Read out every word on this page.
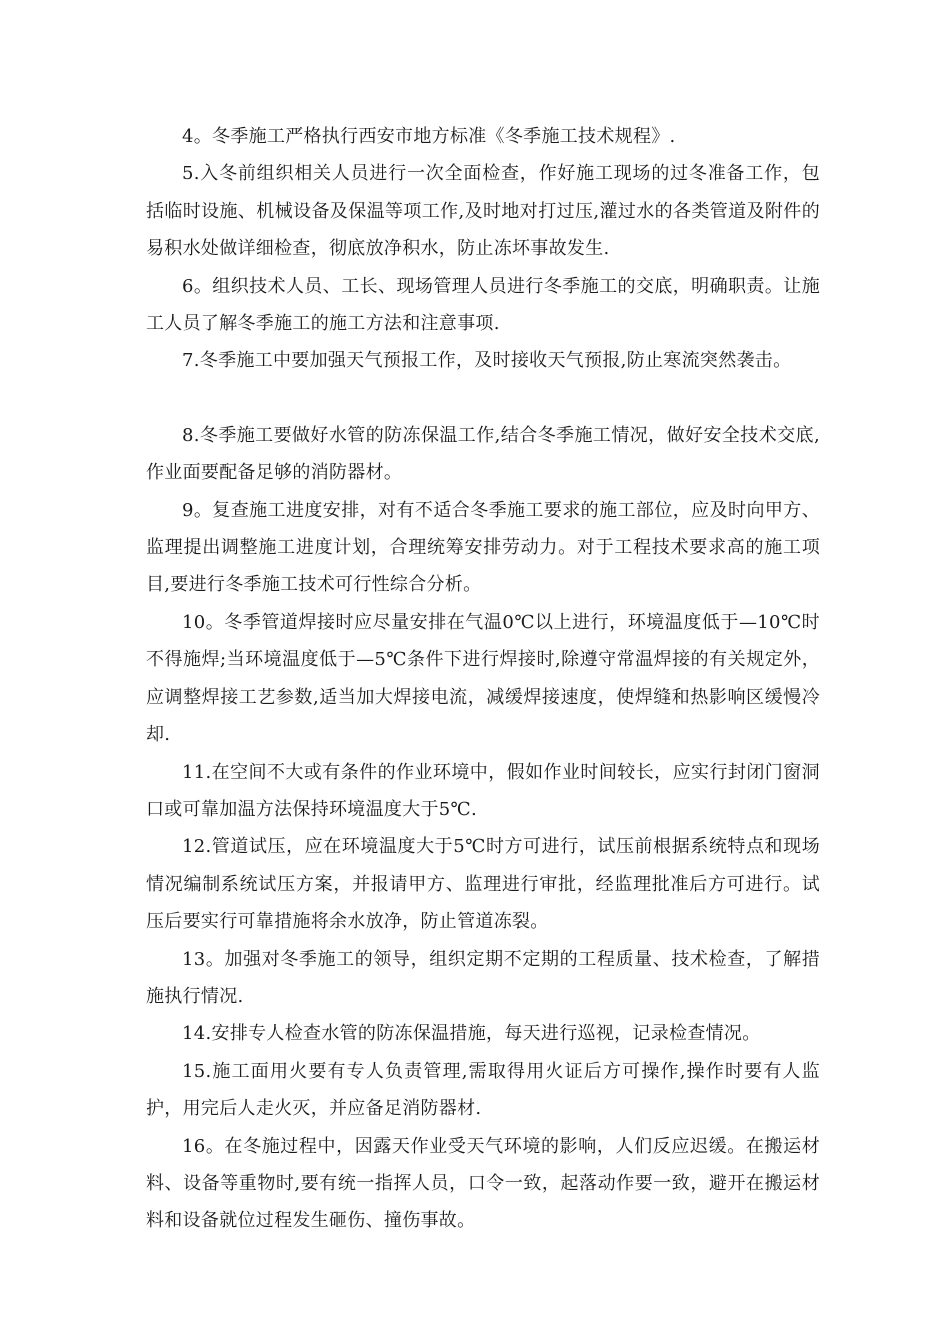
4。冬季施工严格执行西安市地方标准《冬季施工技术规程》.

5.入冬前组织相关人员进行一次全面检查，作好施工现场的过冬准备工作，包括临时设施、机械设备及保温等项工作,及时地对打过压,灌过水的各类管道及附件的易积水处做详细检查，彻底放净积水，防止冻坏事故发生.

6。组织技术人员、工长、现场管理人员进行冬季施工的交底，明确职责。让施工人员了解冬季施工的施工方法和注意事项.

7.冬季施工中要加强天气预报工作，及时接收天气预报,防止寒流突然袭击。

8.冬季施工要做好水管的防冻保温工作,结合冬季施工情况，做好安全技术交底,作业面要配备足够的消防器材。

9。复查施工进度安排，对有不适合冬季施工要求的施工部位，应及时向甲方、监理提出调整施工进度计划，合理统筹安排劳动力。对于工程技术要求高的施工项目,要进行冬季施工技术可行性综合分析。

10。冬季管道焊接时应尽量安排在气温0℃以上进行，环境温度低于—10℃时不得施焊;当环境温度低于—5℃条件下进行焊接时,除遵守常温焊接的有关规定外，应调整焊接工艺参数,适当加大焊接电流，减缓焊接速度，使焊缝和热影响区缓慢冷却.

11.在空间不大或有条件的作业环境中，假如作业时间较长，应实行封闭门窗洞口或可靠加温方法保持环境温度大于5℃.

12.管道试压，应在环境温度大于5℃时方可进行，试压前根据系统特点和现场情况编制系统试压方案，并报请甲方、监理进行审批，经监理批准后方可进行。试压后要实行可靠措施将余水放净，防止管道冻裂。

13。加强对冬季施工的领导，组织定期不定期的工程质量、技术检查，了解措施执行情况.

14.安排专人检查水管的防冻保温措施，每天进行巡视，记录检查情况。

15.施工面用火要有专人负责管理,需取得用火证后方可操作,操作时要有人监护，用完后人走火灭，并应备足消防器材.

16。在冬施过程中，因露天作业受天气环境的影响，人们反应迟缓。在搬运材料、设备等重物时,要有统一指挥人员，口令一致，起落动作要一致，避开在搬运材料和设备就位过程发生砸伤、撞伤事故。
